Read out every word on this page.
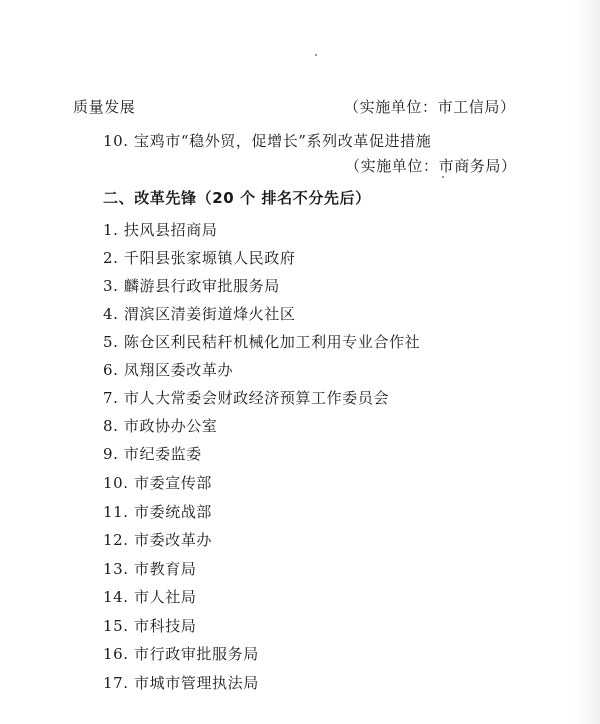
质量发展	（实施单位：市工信局）
10. 宝鸡市“稳外贸，促增长”系列改革促进措施
（实施单位：市商务局）
二、改革先锋（20 个 排名不分先后）
1. 扶风县招商局
2. 千阳县张家塬镇人民政府
3. 麟游县行政审批服务局
4. 渭滨区清姜街道烽火社区
5. 陈仓区利民秸秆机械化加工利用专业合作社
6. 凤翔区委改革办
7. 市人大常委会财政经济预算工作委员会
8. 市政协办公室
9. 市纪委监委
10. 市委宣传部
11. 市委统战部
12. 市委改革办
13. 市教育局
14. 市人社局
15. 市科技局
16. 市行政审批服务局
17. 市城市管理执法局
